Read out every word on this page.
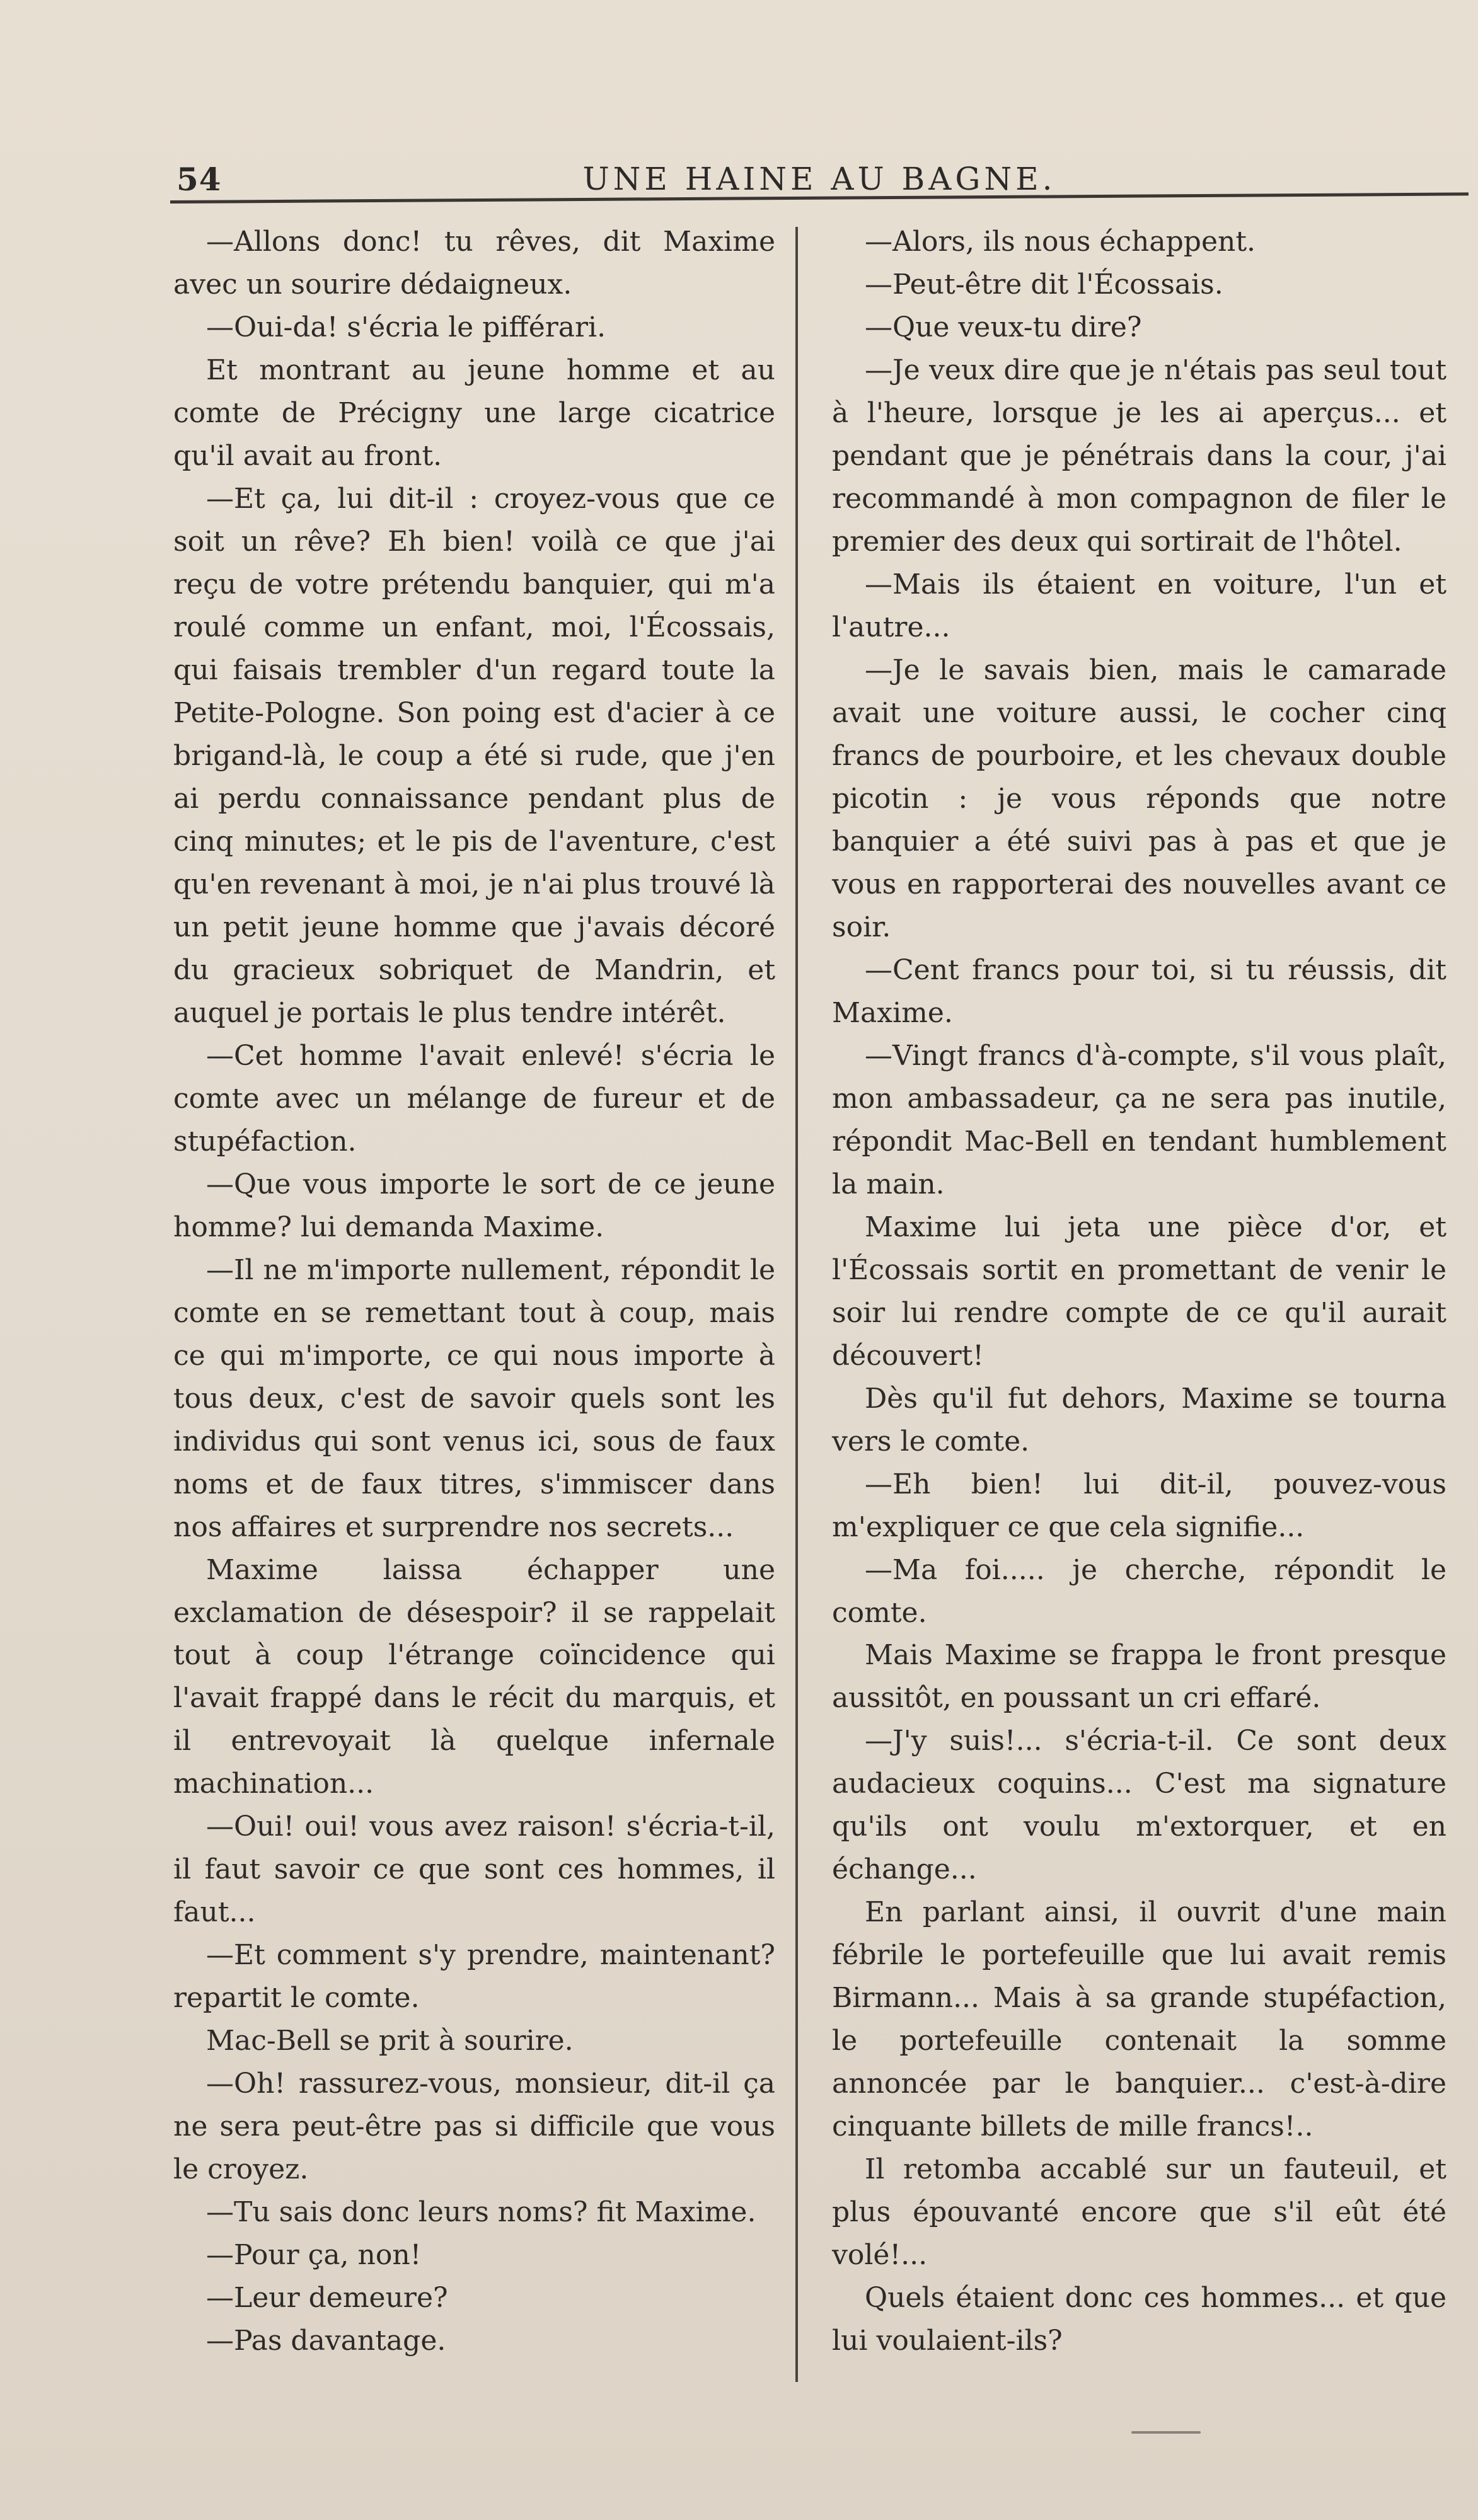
54	UNE HAINE AU BAGNE.

—Allons donc! tu rêves, dit Maxime avec un sourire dédaigneux.

—Oui-da! s'écria le pifférari.

Et montrant au jeune homme et au comte de Précigny une large cicatrice qu'il avait au front.

—Et ça, lui dit-il : croyez-vous que ce soit un rêve? Eh bien! voilà ce que j'ai reçu de votre prétendu banquier, qui m'a roulé comme un enfant, moi, l'Écossais, qui faisais trembler d'un regard toute la Petite-Pologne. Son poing est d'acier à ce brigand-là, le coup a été si rude, que j'en ai perdu connaissance pendant plus de cinq minutes; et le pis de l'aventure, c'est qu'en revenant à moi, je n'ai plus trouvé là un petit jeune homme que j'avais décoré du gracieux sobriquet de Mandrin, et auquel je portais le plus tendre intérêt.

—Cet homme l'avait enlevé! s'écria le comte avec un mélange de fureur et de stupéfaction.

—Que vous importe le sort de ce jeune homme? lui demanda Maxime.

—Il ne m'importe nullement, répondit le comte en se remettant tout à coup, mais ce qui m'importe, ce qui nous importe à tous deux, c'est de savoir quels sont les individus qui sont venus ici, sous de faux noms et de faux titres, s'immiscer dans nos affaires et surprendre nos secrets...

Maxime laissa échapper une exclamation de désespoir? il se rappelait tout à coup l'étrange coïncidence qui l'avait frappé dans le récit du marquis, et il entrevoyait là quelque infernale machination...

—Oui! oui! vous avez raison! s'écria-t-il, il faut savoir ce que sont ces hommes, il faut...

—Et comment s'y prendre, maintenant? repartit le comte.

Mac-Bell se prit à sourire.

—Oh! rassurez-vous, monsieur, dit-il ça ne sera peut-être pas si difficile que vous le croyez.

—Tu sais donc leurs noms? fit Maxime.

—Pour ça, non!

—Leur demeure?

—Pas davantage.

—Alors, ils nous échappent.

—Peut-être dit l'Écossais.

—Que veux-tu dire?

—Je veux dire que je n'étais pas seul tout à l'heure, lorsque je les ai aperçus... et pendant que je pénétrais dans la cour, j'ai recommandé à mon compagnon de filer le premier des deux qui sortirait de l'hôtel.

—Mais ils étaient en voiture, l'un et l'autre...

—Je le savais bien, mais le camarade avait une voiture aussi, le cocher cinq francs de pourboire, et les chevaux double picotin : je vous réponds que notre banquier a été suivi pas à pas et que je vous en rapporterai des nouvelles avant ce soir.

—Cent francs pour toi, si tu réussis, dit Maxime.

—Vingt francs d'à-compte, s'il vous plaît, mon ambassadeur, ça ne sera pas inutile, répondit Mac-Bell en tendant humblement la main.

Maxime lui jeta une pièce d'or, et l'Écossais sortit en promettant de venir le soir lui rendre compte de ce qu'il aurait découvert!

Dès qu'il fut dehors, Maxime se tourna vers le comte.

—Eh bien! lui dit-il, pouvez-vous m'expliquer ce que cela signifie...

—Ma foi..... je cherche, répondit le comte.

Mais Maxime se frappa le front presque aussitôt, en poussant un cri effaré.

—J'y suis!... s'écria-t-il. Ce sont deux audacieux coquins... C'est ma signature qu'ils ont voulu m'extorquer, et en échange...

En parlant ainsi, il ouvrit d'une main fébrile le portefeuille que lui avait remis Birmann... Mais à sa grande stupéfaction, le portefeuille contenait la somme annoncée par le banquier... c'est-à-dire cinquante billets de mille francs!..

Il retomba accablé sur un fauteuil, et plus épouvanté encore que s'il eût été volé!...

Quels étaient donc ces hommes... et que lui voulaient-ils?
